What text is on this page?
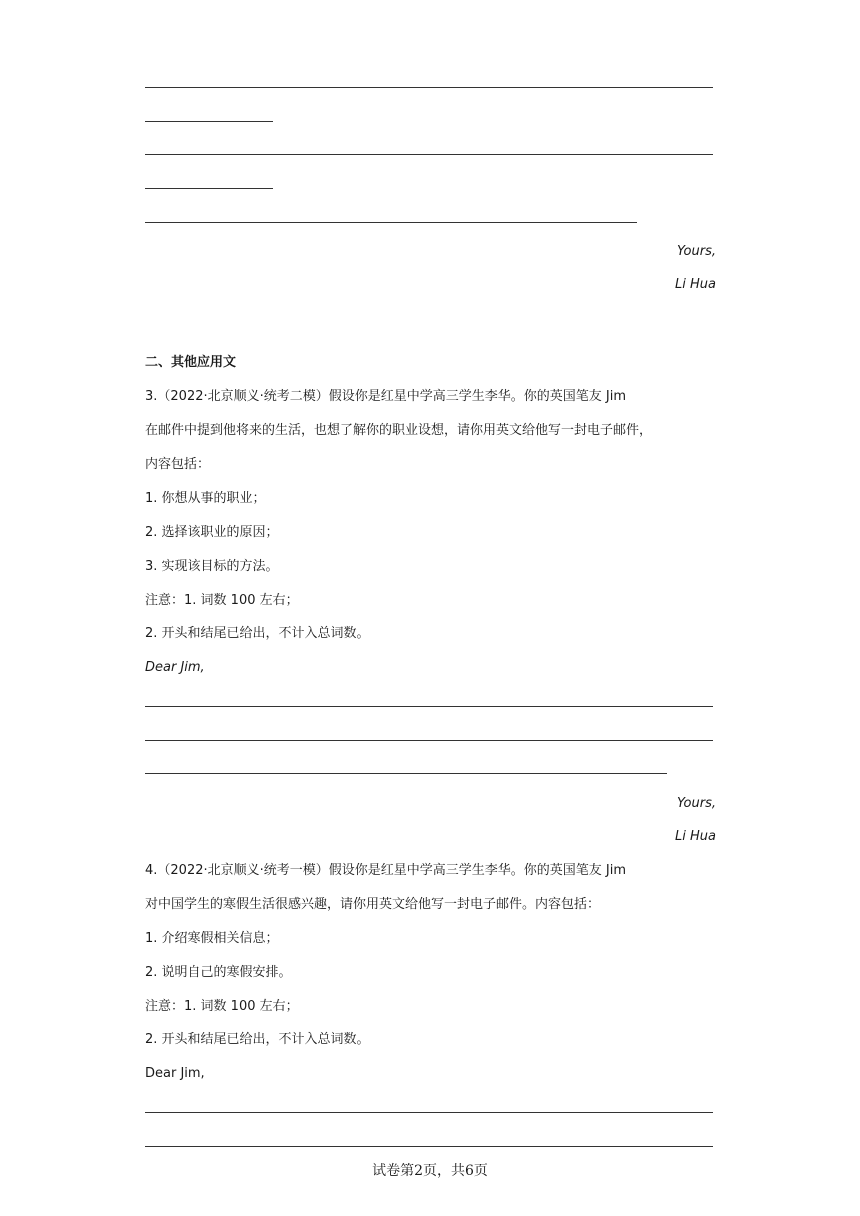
Yours,
Li Hua
二、其他应用文
3.（2022·北京顺义·统考二模）假设你是红星中学高三学生李华。你的英国笔友 Jim
在邮件中提到他将来的生活，也想了解你的职业设想，请你用英文给他写一封电子邮件，
内容包括：
1. 你想从事的职业；
2. 选择该职业的原因；
3. 实现该目标的方法。
注意：1. 词数 100 左右；
2. 开头和结尾已给出，不计入总词数。
Dear Jim,
Yours,
Li Hua
4.（2022·北京顺义·统考一模）假设你是红星中学高三学生李华。你的英国笔友 Jim
对中国学生的寒假生活很感兴趣，请你用英文给他写一封电子邮件。内容包括：
1. 介绍寒假相关信息；
2. 说明自己的寒假安排。
注意：1. 词数 100 左右；
2. 开头和结尾已给出，不计入总词数。
Dear Jim,
试卷第2页，共6页
